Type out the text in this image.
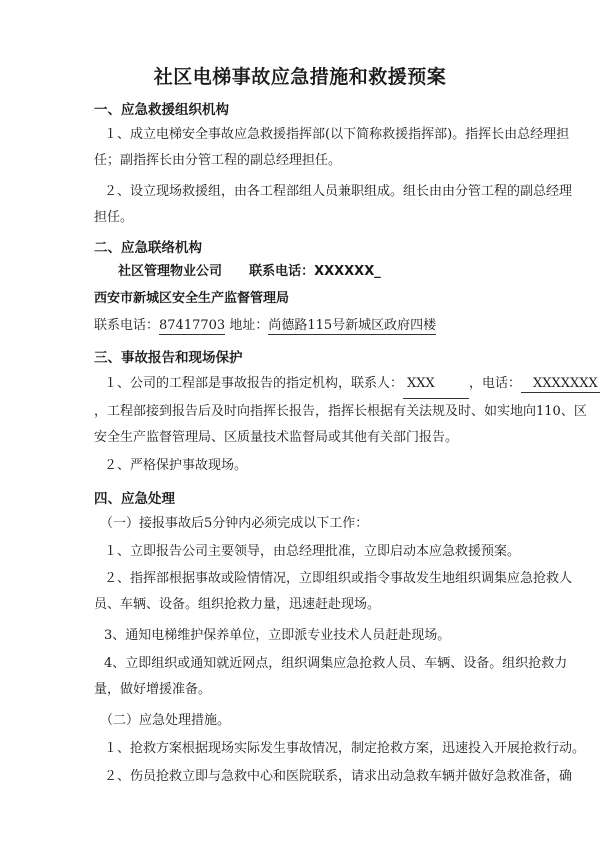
社区电梯事故应急措施和救援预案
一、应急救援组织机构
１、成立电梯安全事故应急救援指挥部(以下简称救援指挥部)。指挥长由总经理担
任；副指挥长由分管工程的副总经理担任。
２、设立现场救援组，由各工程部组人员兼职组成。组长由由分管工程的副总经理
担任。
二、应急联络机构
社区管理物业公司 联系电话：XXXXXX_
西安市新城区安全生产监督管理局
联系电话：87417703 地址：尚德路115号新城区政府四楼
三、事故报告和现场保护
１、公司的工程部是事故报告的指定机构，联系人： XXX	，电话： XXXXXXX
，工程部接到报告后及时向指挥长报告，指挥长根据有关法规及时、如实地向110、区
安全生产监督管理局、区质量技术监督局或其他有关部门报告。
２、严格保护事故现场。
四、应急处理
（一）接报事故后5分钟内必须完成以下工作：
１、立即报告公司主要领导，由总经理批准，立即启动本应急救援预案。
２、指挥部根据事故或险情情况，立即组织或指令事故发生地组织调集应急抢救人
员、车辆、设备。组织抢救力量，迅速赶赴现场。
3、通知电梯维护保养单位，立即派专业技术人员赶赴现场。
4、立即组织或通知就近网点，组织调集应急抢救人员、车辆、设备。组织抢救力
量，做好增援准备。
（二）应急处理措施。
１、抢救方案根据现场实际发生事故情况，制定抢救方案，迅速投入开展抢救行动。
２、伤员抢救立即与急救中心和医院联系，请求出动急救车辆并做好急救准备，确
